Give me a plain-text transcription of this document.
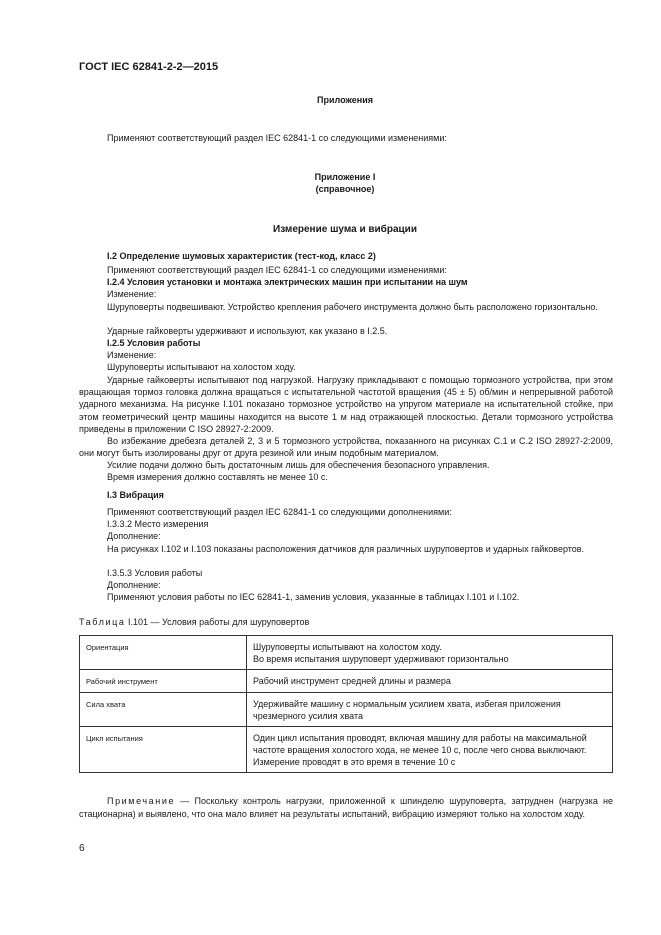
ГОСТ IEC 62841-2-2—2015
Приложения
Применяют соответствующий раздел IEC 62841-1 со следующими изменениями:
Приложение I
(справочное)
Измерение шума и вибрации
I.2 Определение шумовых характеристик (тест-код, класс 2)
Применяют соответствующий раздел IEC 62841-1 со следующими изменениями:
I.2.4 Условия установки и монтажа электрических машин при испытании на шум
Изменение:
Шуруповерты подвешивают. Устройство крепления рабочего инструмента должно быть расположено горизонтально.
Ударные гайковерты удерживают и используют, как указано в I.2.5.
I.2.5 Условия работы
Изменение:
Шуруповерты испытывают на холостом ходу.
Ударные гайковерты испытывают под нагрузкой. Нагрузку прикладывают с помощью тормозного устройства, при этом вращающая тормоз головка должна вращаться с испытательной частотой вращения (45 ± 5) об/мин и непрерывной работой ударного механизма. На рисунке I.101 показано тормозное устройство на упругом материале на испытательной стойке, при этом геометрический центр машины находится на высоте 1 м над отражающей плоскостью. Детали тормозного устройства приведены в приложении C ISO 28927-2:2009.
Во избежание дребезга деталей 2, 3 и 5 тормозного устройства, показанного на рисунках C.1 и C.2 ISO 28927-2:2009, они могут быть изолированы друг от друга резиной или иным подобным материалом.
Усилие подачи должно быть достаточным лишь для обеспечения безопасного управления.
Время измерения должно составлять не менее 10 с.
I.3 Вибрация
Применяют соответствующий раздел IEC 62841-1 со следующими дополнениями:
I.3.3.2 Место измерения
Дополнение:
На рисунках I.102 и I.103 показаны расположения датчиков для различных шуруповертов и ударных гайковертов.
I.3.5.3 Условия работы
Дополнение:
Применяют условия работы по IEC 62841-1, заменив условия, указанные в таблицах I.101 и I.102.
Таблица I.101 — Условия работы для шуруповертов
Ориентация	Шуруповерты испытывают на холостом ходу.
Во время испытания шуруповерт удерживают горизонтально

Рабочий инструмент	Рабочий инструмент средней длины и размера

Сила хвата	Удерживайте машину с нормальным усилием хвата, избегая приложения чрезмерного усилия хвата

Цикл испытания	Один цикл испытания проводят, включая машину для работы на максимальной частоте вращения холостого хода, не менее 10 с, после чего снова выключают.
Измерение проводят в это время в течение 10 с
Примечание — Поскольку контроль нагрузки, приложенной к шпинделю шуруповерта, затруднен (нагрузка не стационарна) и выявлено, что она мало влияет на результаты испытаний, вибрацию измеряют только на холостом ходу.
6
